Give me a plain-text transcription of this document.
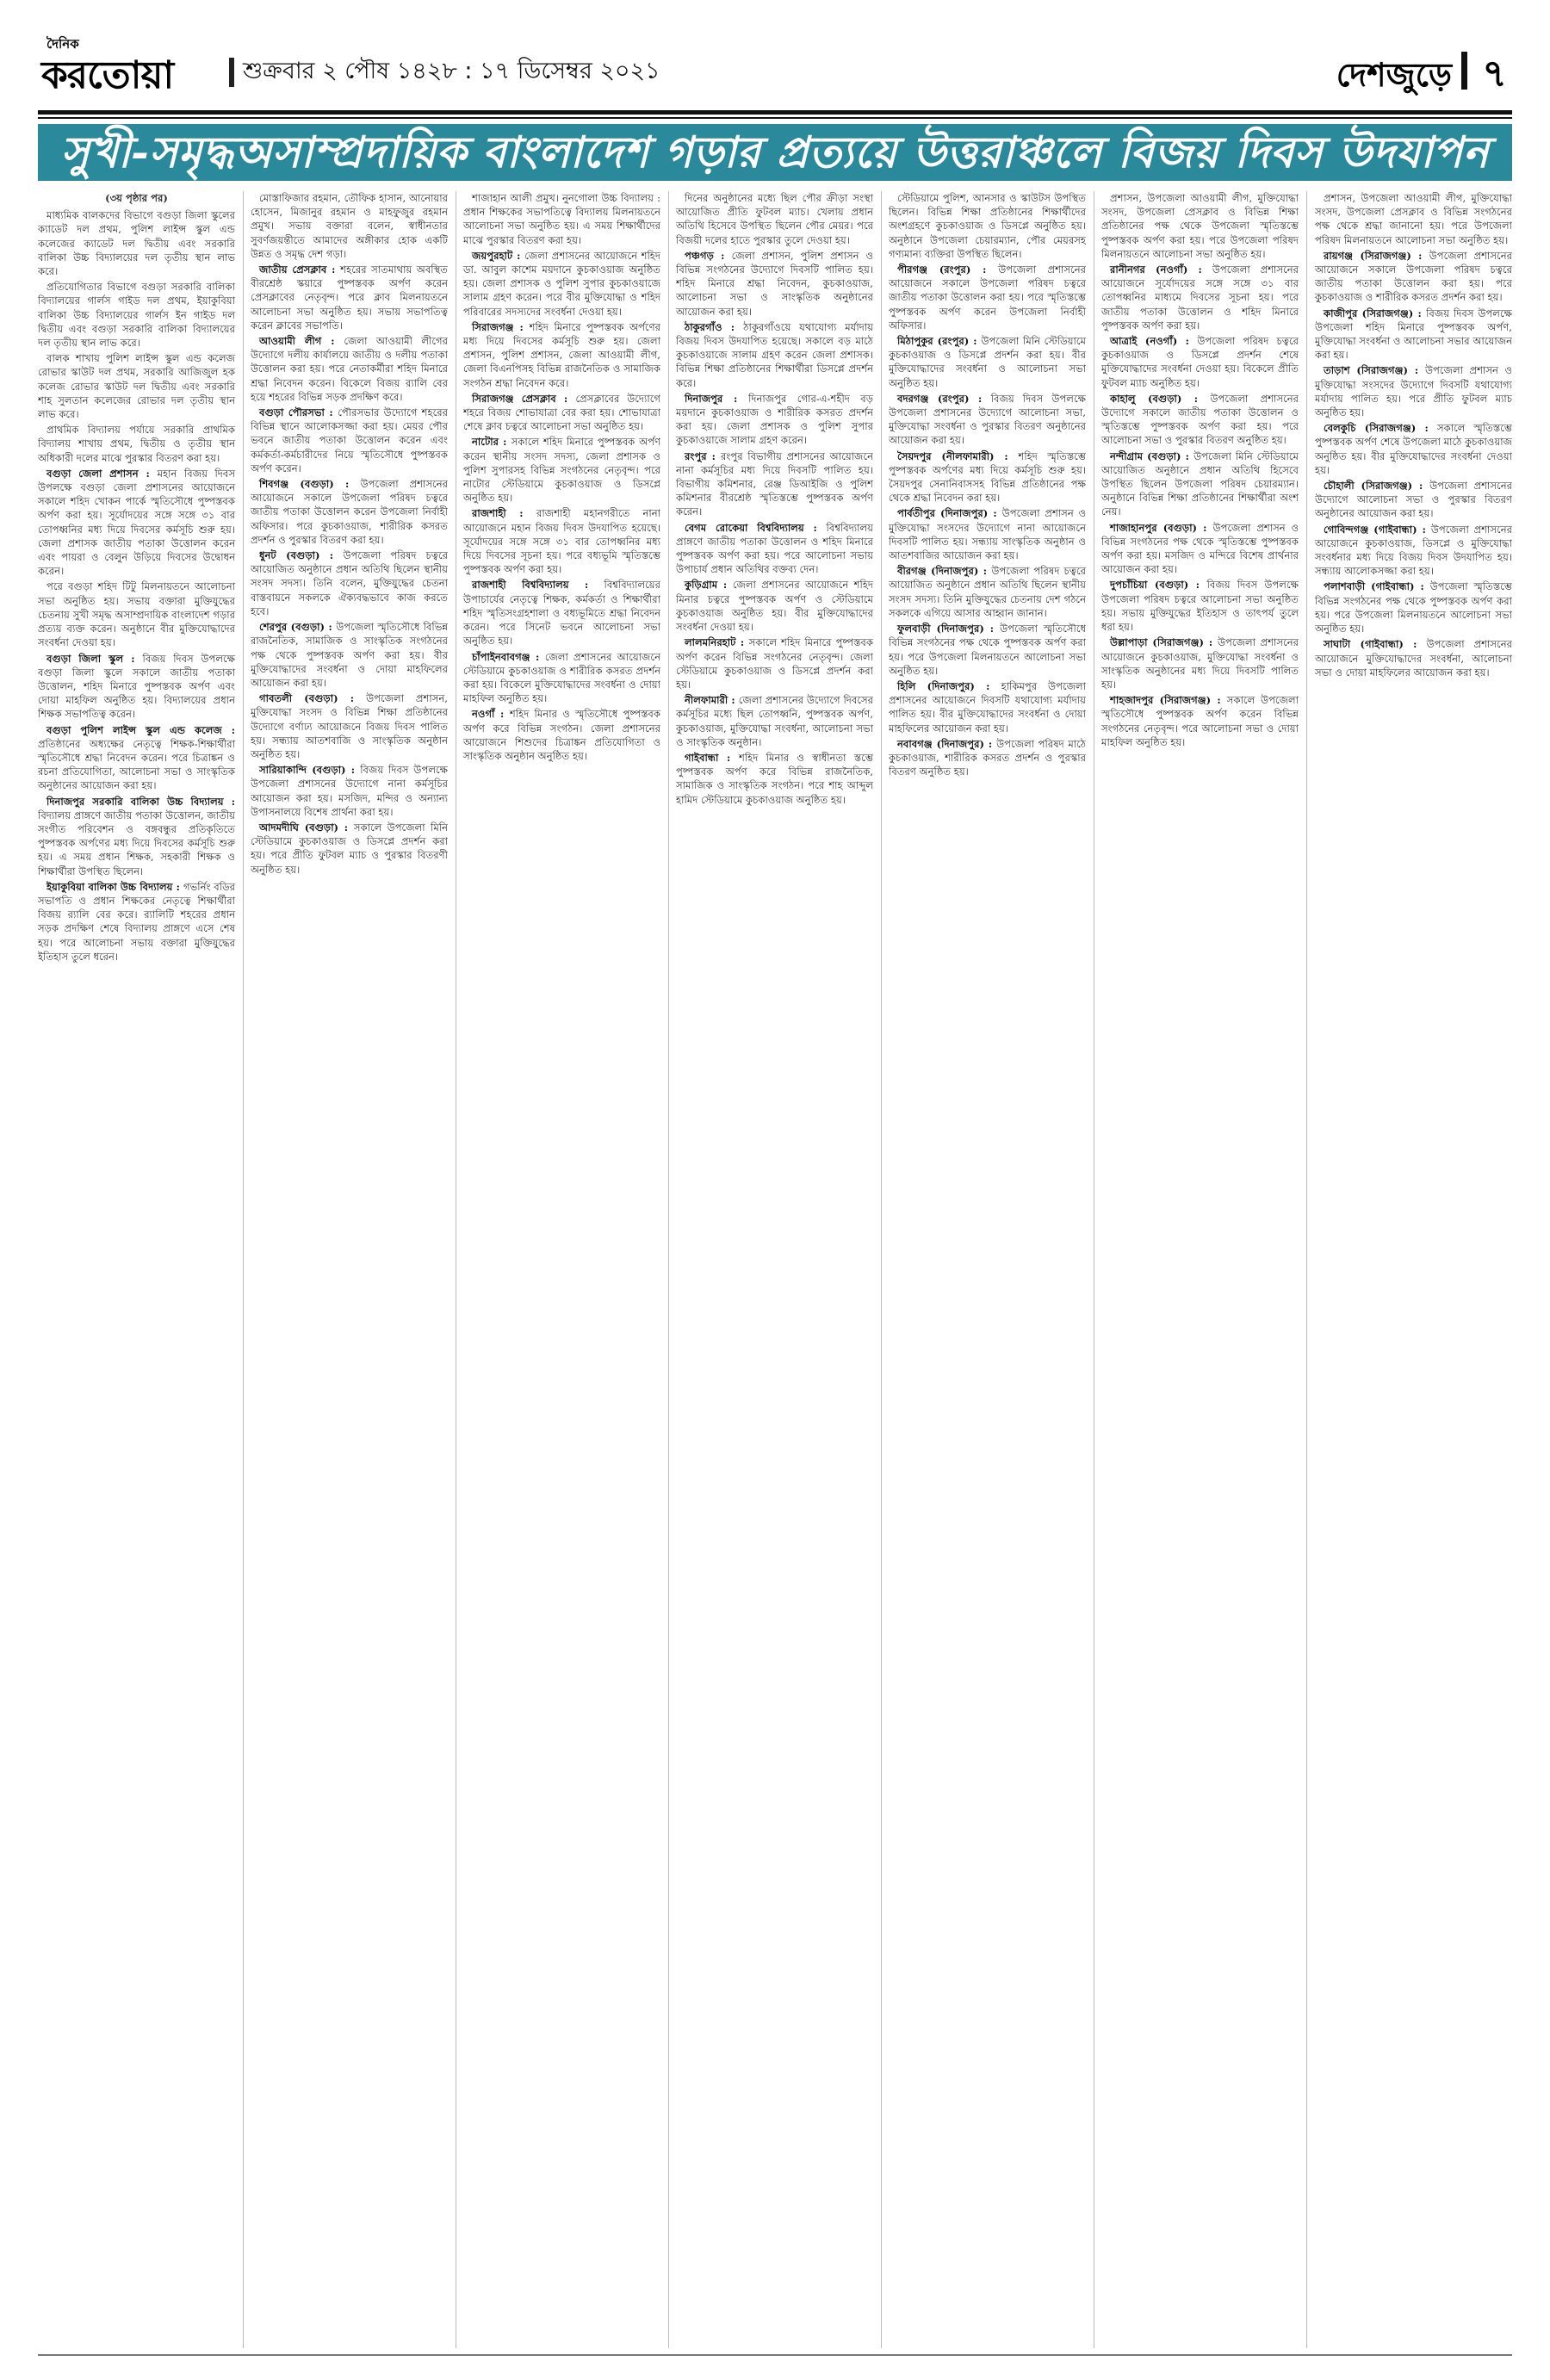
দৈনিক
করতোয়া	শুক্রবার ২ পৌষ ১৪২৮ : ১৭ ডিসেম্বর ২০২১	দেশজুড়ে ৭
সুখী-সমৃদ্ধঅসাম্প্রদায়িক বাংলাদেশ গড়ার প্রত্যয়ে উত্তরাঞ্চলে বিজয় দিবস উদযাপন

(৩য় পৃষ্ঠার পর)

মাধ্যমিক বালকদের বিভাগে বগুড়া জিলা স্কুলের ক্যাডেট দল প্রথম, পুলিশ লাইন্স স্কুল এন্ড কলেজের ক্যাডেট দল দ্বিতীয় এবং সরকারি বালিকা উচ্চ বিদ্যালয়ের দল তৃতীয় স্থান লাভ করে।

প্রতিযোগিতার বিভাগে বগুড়া সরকারি বালিকা বিদ্যালয়ের গার্লস গাইড দল প্রথম, ইয়াকুবিয়া বালিকা উচ্চ বিদ্যালয়ের গার্লস ইন গাইড দল দ্বিতীয় এবং বগুড়া সরকারি বালিকা বিদ্যালয়ের দল তৃতীয় স্থান লাভ করে।

বালক শাখায় পুলিশ লাইন্স স্কুল এন্ড কলেজ রোভার স্কাউট দল প্রথম, সরকারি আজিজুল হক কলেজ রোভার স্কাউট দল দ্বিতীয় এবং সরকারি শাহ সুলতান কলেজের রোভার দল তৃতীয় স্থান লাভ করে।

প্রাথমিক বিদ্যালয় পর্যায়ে সরকারি প্রাথমিক বিদ্যালয় শাখায় প্রথম, দ্বিতীয় ও তৃতীয় স্থান অধিকারী দলের মাঝে পুরস্কার বিতরণ করা হয়।

বগুড়া জেলা প্রশাসন : মহান বিজয় দিবস উপলক্ষে বগুড়া জেলা প্রশাসনের আয়োজনে সকালে শহিদ খোকন পার্কে স্মৃতিসৌধে পুষ্পস্তবক অর্পণ করা হয়। সূর্যোদয়ের সঙ্গে সঙ্গে ৩১ বার তোপধ্বনির মধ্য দিয়ে দিবসের কর্মসূচি শুরু হয়। জেলা প্রশাসক জাতীয় পতাকা উত্তোলন করেন এবং পায়রা ও বেলুন উড়িয়ে দিবসের উদ্বোধন করেন।

পরে বগুড়া শহিদ টিটু মিলনায়তনে আলোচনা সভা অনুষ্ঠিত হয়। সভায় বক্তারা মুক্তিযুদ্ধের চেতনায় সুখী সমৃদ্ধ অসাম্প্রদায়িক বাংলাদেশ গড়ার প্রত্যয় ব্যক্ত করেন। অনুষ্ঠানে বীর মুক্তিযোদ্ধাদের সংবর্ধনা দেওয়া হয়।

বগুড়া জিলা স্কুল : বিজয় দিবস উপলক্ষে বগুড়া জিলা স্কুলে সকালে জাতীয় পতাকা উত্তোলন, শহিদ মিনারে পুষ্পস্তবক অর্পণ এবং দোয়া মাহফিল অনুষ্ঠিত হয়। বিদ্যালয়ের প্রধান শিক্ষক সভাপতিত্ব করেন।

বগুড়া পুলিশ লাইন্স স্কুল এন্ড কলেজ : প্রতিষ্ঠানের অধ্যক্ষের নেতৃত্বে শিক্ষক-শিক্ষার্থীরা স্মৃতিসৌধে শ্রদ্ধা নিবেদন করেন। পরে চিত্রাঙ্কন ও রচনা প্রতিযোগিতা, আলোচনা সভা ও সাংস্কৃতিক অনুষ্ঠানের আয়োজন করা হয়।

দিনাজপুর সরকারি বালিকা উচ্চ বিদ্যালয় : বিদ্যালয় প্রাঙ্গণে জাতীয় পতাকা উত্তোলন, জাতীয় সংগীত পরিবেশন ও বঙ্গবন্ধুর প্রতিকৃতিতে পুষ্পস্তবক অর্পণের মধ্য দিয়ে দিবসের কর্মসূচি শুরু হয়। এ সময় প্রধান শিক্ষক, সহকারী শিক্ষক ও শিক্ষার্থীরা উপস্থিত ছিলেন।

ইয়াকুবিয়া বালিকা উচ্চ বিদ্যালয় : গভর্নিং বডির সভাপতি ও প্রধান শিক্ষকের নেতৃত্বে শিক্ষার্থীরা বিজয় র‍্যালি বের করে। র‍্যালিটি শহরের প্রধান সড়ক প্রদক্ষিণ শেষে বিদ্যালয় প্রাঙ্গণে এসে শেষ হয়। পরে আলোচনা সভায় বক্তারা মুক্তিযুদ্ধের ইতিহাস তুলে ধরেন।

মোস্তাফিজার রহমান, তৌফিক হাসান, আনোয়ার হোসেন, মিজানুর রহমান ও মাহফুজুর রহমান প্রমুখ। সভায় বক্তারা বলেন, স্বাধীনতার সুবর্ণজয়ন্তীতে আমাদের অঙ্গীকার হোক একটি উন্নত ও সমৃদ্ধ দেশ গড়া।

জাতীয় প্রেসক্লাব : শহরের সাতমাথায় অবস্থিত বীরশ্রেষ্ঠ স্কয়ারে পুষ্পস্তবক অর্পণ করেন প্রেসক্লাবের নেতৃবৃন্দ। পরে ক্লাব মিলনায়তনে আলোচনা সভা অনুষ্ঠিত হয়। সভায় সভাপতিত্ব করেন ক্লাবের সভাপতি।

আওয়ামী লীগ : জেলা আওয়ামী লীগের উদ্যোগে দলীয় কার্যালয়ে জাতীয় ও দলীয় পতাকা উত্তোলন করা হয়। পরে নেতাকর্মীরা শহিদ মিনারে শ্রদ্ধা নিবেদন করেন। বিকেলে বিজয় র‍্যালি বের হয়ে শহরের বিভিন্ন সড়ক প্রদক্ষিণ করে।

বগুড়া পৌরসভা : পৌরসভার উদ্যোগে শহরের বিভিন্ন স্থানে আলোকসজ্জা করা হয়। মেয়র পৌর ভবনে জাতীয় পতাকা উত্তোলন করেন এবং কর্মকর্তা-কর্মচারীদের নিয়ে স্মৃতিসৌধে পুষ্পস্তবক অর্পণ করেন।

শিবগঞ্জ (বগুড়া) : উপজেলা প্রশাসনের আয়োজনে সকালে উপজেলা পরিষদ চত্বরে জাতীয় পতাকা উত্তোলন করেন উপজেলা নির্বাহী অফিসার। পরে কুচকাওয়াজ, শারীরিক কসরত প্রদর্শন ও পুরস্কার বিতরণ করা হয়।

ধুনট (বগুড়া) : উপজেলা পরিষদ চত্বরে আয়োজিত অনুষ্ঠানে প্রধান অতিথি ছিলেন স্থানীয় সংসদ সদস্য। তিনি বলেন, মুক্তিযুদ্ধের চেতনা বাস্তবায়নে সকলকে ঐক্যবদ্ধভাবে কাজ করতে হবে।

শেরপুর (বগুড়া) : উপজেলা স্মৃতিসৌধে বিভিন্ন রাজনৈতিক, সামাজিক ও সাংস্কৃতিক সংগঠনের পক্ষ থেকে পুষ্পস্তবক অর্পণ করা হয়। বীর মুক্তিযোদ্ধাদের সংবর্ধনা ও দোয়া মাহফিলের আয়োজন করা হয়।

গাবতলী (বগুড়া) : উপজেলা প্রশাসন, মুক্তিযোদ্ধা সংসদ ও বিভিন্ন শিক্ষা প্রতিষ্ঠানের উদ্যোগে বর্ণাঢ্য আয়োজনে বিজয় দিবস পালিত হয়। সন্ধ্যায় আতশবাজি ও সাংস্কৃতিক অনুষ্ঠান অনুষ্ঠিত হয়।

সারিয়াকান্দি (বগুড়া) : বিজয় দিবস উপলক্ষে উপজেলা প্রশাসনের উদ্যোগে নানা কর্মসূচির আয়োজন করা হয়। মসজিদ, মন্দির ও অন্যান্য উপাসনালয়ে বিশেষ প্রার্থনা করা হয়।

আদমদীঘি (বগুড়া) : সকালে উপজেলা মিনি স্টেডিয়ামে কুচকাওয়াজ ও ডিসপ্লে প্রদর্শন করা হয়। পরে প্রীতি ফুটবল ম্যাচ ও পুরস্কার বিতরণী অনুষ্ঠিত হয়।

শাজাহান আলী প্রমুখ। নুনগোলা উচ্চ বিদ্যালয় : প্রধান শিক্ষকের সভাপতিত্বে বিদ্যালয় মিলনায়তনে আলোচনা সভা অনুষ্ঠিত হয়। এ সময় শিক্ষার্থীদের মাঝে পুরস্কার বিতরণ করা হয়।

জয়পুরহাট : জেলা প্রশাসনের আয়োজনে শহিদ ডা. আবুল কাশেম ময়দানে কুচকাওয়াজ অনুষ্ঠিত হয়। জেলা প্রশাসক ও পুলিশ সুপার কুচকাওয়াজে সালাম গ্রহণ করেন। পরে বীর মুক্তিযোদ্ধা ও শহিদ পরিবারের সদস্যদের সংবর্ধনা দেওয়া হয়।

সিরাজগঞ্জ : শহিদ মিনারে পুষ্পস্তবক অর্পণের মধ্য দিয়ে দিবসের কর্মসূচি শুরু হয়। জেলা প্রশাসন, পুলিশ প্রশাসন, জেলা আওয়ামী লীগ, জেলা বিএনপিসহ বিভিন্ন রাজনৈতিক ও সামাজিক সংগঠন শ্রদ্ধা নিবেদন করে।

সিরাজগঞ্জ প্রেসক্লাব : প্রেসক্লাবের উদ্যোগে শহরে বিজয় শোভাযাত্রা বের করা হয়। শোভাযাত্রা শেষে ক্লাব চত্বরে আলোচনা সভা অনুষ্ঠিত হয়।

নাটোর : সকালে শহিদ মিনারে পুষ্পস্তবক অর্পণ করেন স্থানীয় সংসদ সদস্য, জেলা প্রশাসক ও পুলিশ সুপারসহ বিভিন্ন সংগঠনের নেতৃবৃন্দ। পরে নাটোর স্টেডিয়ামে কুচকাওয়াজ ও ডিসপ্লে অনুষ্ঠিত হয়।

রাজশাহী : রাজশাহী মহানগরীতে নানা আয়োজনে মহান বিজয় দিবস উদযাপিত হয়েছে। সূর্যোদয়ের সঙ্গে সঙ্গে ৩১ বার তোপধ্বনির মধ্য দিয়ে দিবসের সূচনা হয়। পরে বধ্যভূমি স্মৃতিস্তম্ভে পুষ্পস্তবক অর্পণ করা হয়।

রাজশাহী বিশ্ববিদ্যালয় : বিশ্ববিদ্যালয়ের উপাচার্যের নেতৃত্বে শিক্ষক, কর্মকর্তা ও শিক্ষার্থীরা শহিদ স্মৃতিসংগ্রহশালা ও বধ্যভূমিতে শ্রদ্ধা নিবেদন করেন। পরে সিনেট ভবনে আলোচনা সভা অনুষ্ঠিত হয়।

চাঁপাইনবাবগঞ্জ : জেলা প্রশাসনের আয়োজনে স্টেডিয়ামে কুচকাওয়াজ ও শারীরিক কসরত প্রদর্শন করা হয়। বিকেলে মুক্তিযোদ্ধাদের সংবর্ধনা ও দোয়া মাহফিল অনুষ্ঠিত হয়।

নওগাঁ : শহিদ মিনার ও স্মৃতিসৌধে পুষ্পস্তবক অর্পণ করে বিভিন্ন সংগঠন। জেলা প্রশাসনের আয়োজনে শিশুদের চিত্রাঙ্কন প্রতিযোগিতা ও সাংস্কৃতিক অনুষ্ঠান অনুষ্ঠিত হয়।

দিনের অনুষ্ঠানের মধ্যে ছিল পৌর ক্রীড়া সংস্থা আয়োজিত প্রীতি ফুটবল ম্যাচ। খেলায় প্রধান অতিথি হিসেবে উপস্থিত ছিলেন পৌর মেয়র। পরে বিজয়ী দলের হাতে পুরস্কার তুলে দেওয়া হয়।

পঞ্চগড় : জেলা প্রশাসন, পুলিশ প্রশাসন ও বিভিন্ন সংগঠনের উদ্যোগে দিবসটি পালিত হয়। শহিদ মিনারে শ্রদ্ধা নিবেদন, কুচকাওয়াজ, আলোচনা সভা ও সাংস্কৃতিক অনুষ্ঠানের আয়োজন করা হয়।

ঠাকুরগাঁও : ঠাকুরগাঁওয়ে যথাযোগ্য মর্যাদায় বিজয় দিবস উদযাপিত হয়েছে। সকালে বড় মাঠে কুচকাওয়াজে সালাম গ্রহণ করেন জেলা প্রশাসক। বিভিন্ন শিক্ষা প্রতিষ্ঠানের শিক্ষার্থীরা ডিসপ্লে প্রদর্শন করে।

দিনাজপুর : দিনাজপুর গোর-এ-শহীদ বড় ময়দানে কুচকাওয়াজ ও শারীরিক কসরত প্রদর্শন করা হয়। জেলা প্রশাসক ও পুলিশ সুপার কুচকাওয়াজে সালাম গ্রহণ করেন।

রংপুর : রংপুর বিভাগীয় প্রশাসনের আয়োজনে নানা কর্মসূচির মধ্য দিয়ে দিবসটি পালিত হয়। বিভাগীয় কমিশনার, রেঞ্জ ডিআইজি ও পুলিশ কমিশনার বীরশ্রেষ্ঠ স্মৃতিস্তম্ভে পুষ্পস্তবক অর্পণ করেন।

বেগম রোকেয়া বিশ্ববিদ্যালয় : বিশ্ববিদ্যালয় প্রাঙ্গণে জাতীয় পতাকা উত্তোলন ও শহিদ মিনারে পুষ্পস্তবক অর্পণ করা হয়। পরে আলোচনা সভায় উপাচার্য প্রধান অতিথির বক্তব্য দেন।

কুড়িগ্রাম : জেলা প্রশাসনের আয়োজনে শহিদ মিনার চত্বরে পুষ্পস্তবক অর্পণ ও স্টেডিয়ামে কুচকাওয়াজ অনুষ্ঠিত হয়। বীর মুক্তিযোদ্ধাদের সংবর্ধনা দেওয়া হয়।

লালমনিরহাট : সকালে শহিদ মিনারে পুষ্পস্তবক অর্পণ করেন বিভিন্ন সংগঠনের নেতৃবৃন্দ। জেলা স্টেডিয়ামে কুচকাওয়াজ ও ডিসপ্লে প্রদর্শন করা হয়।

নীলফামারী : জেলা প্রশাসনের উদ্যোগে দিবসের কর্মসূচির মধ্যে ছিল তোপধ্বনি, পুষ্পস্তবক অর্পণ, কুচকাওয়াজ, মুক্তিযোদ্ধা সংবর্ধনা, আলোচনা সভা ও সাংস্কৃতিক অনুষ্ঠান।

গাইবান্ধা : শহিদ মিনার ও স্বাধীনতা স্তম্ভে পুষ্পস্তবক অর্পণ করে বিভিন্ন রাজনৈতিক, সামাজিক ও সাংস্কৃতিক সংগঠন। পরে শাহ আব্দুল হামিদ স্টেডিয়ামে কুচকাওয়াজ অনুষ্ঠিত হয়।

স্টেডিয়ামে পুলিশ, আনসার ও স্কাউটস উপস্থিত ছিলেন। বিভিন্ন শিক্ষা প্রতিষ্ঠানের শিক্ষার্থীদের অংশগ্রহণে কুচকাওয়াজ ও ডিসপ্লে অনুষ্ঠিত হয়। অনুষ্ঠানে উপজেলা চেয়ারম্যান, পৌর মেয়রসহ গণ্যমান্য ব্যক্তিরা উপস্থিত ছিলেন।

পীরগঞ্জ (রংপুর) : উপজেলা প্রশাসনের আয়োজনে সকালে উপজেলা পরিষদ চত্বরে জাতীয় পতাকা উত্তোলন করা হয়। পরে স্মৃতিস্তম্ভে পুষ্পস্তবক অর্পণ করেন উপজেলা নির্বাহী অফিসার।

মিঠাপুকুর (রংপুর) : উপজেলা মিনি স্টেডিয়ামে কুচকাওয়াজ ও ডিসপ্লে প্রদর্শন করা হয়। বীর মুক্তিযোদ্ধাদের সংবর্ধনা ও আলোচনা সভা অনুষ্ঠিত হয়।

বদরগঞ্জ (রংপুর) : বিজয় দিবস উপলক্ষে উপজেলা প্রশাসনের উদ্যোগে আলোচনা সভা, মুক্তিযোদ্ধা সংবর্ধনা ও পুরস্কার বিতরণ অনুষ্ঠানের আয়োজন করা হয়।

সৈয়দপুর (নীলফামারী) : শহিদ স্মৃতিস্তম্ভে পুষ্পস্তবক অর্পণের মধ্য দিয়ে কর্মসূচি শুরু হয়। সৈয়দপুর সেনানিবাসসহ বিভিন্ন প্রতিষ্ঠানের পক্ষ থেকে শ্রদ্ধা নিবেদন করা হয়।

পার্বতীপুর (দিনাজপুর) : উপজেলা প্রশাসন ও মুক্তিযোদ্ধা সংসদের উদ্যোগে নানা আয়োজনে দিবসটি পালিত হয়। সন্ধ্যায় সাংস্কৃতিক অনুষ্ঠান ও আতশবাজির আয়োজন করা হয়।

বীরগঞ্জ (দিনাজপুর) : উপজেলা পরিষদ চত্বরে আয়োজিত অনুষ্ঠানে প্রধান অতিথি ছিলেন স্থানীয় সংসদ সদস্য। তিনি মুক্তিযুদ্ধের চেতনায় দেশ গঠনে সকলকে এগিয়ে আসার আহ্বান জানান।

ফুলবাড়ী (দিনাজপুর) : উপজেলা স্মৃতিসৌধে বিভিন্ন সংগঠনের পক্ষ থেকে পুষ্পস্তবক অর্পণ করা হয়। পরে উপজেলা মিলনায়তনে আলোচনা সভা অনুষ্ঠিত হয়।

হিলি (দিনাজপুর) : হাকিমপুর উপজেলা প্রশাসনের আয়োজনে দিবসটি যথাযোগ্য মর্যাদায় পালিত হয়। বীর মুক্তিযোদ্ধাদের সংবর্ধনা ও দোয়া মাহফিলের আয়োজন করা হয়।

নবাবগঞ্জ (দিনাজপুর) : উপজেলা পরিষদ মাঠে কুচকাওয়াজ, শারীরিক কসরত প্রদর্শন ও পুরস্কার বিতরণ অনুষ্ঠিত হয়।

প্রশাসন, উপজেলা আওয়ামী লীগ, মুক্তিযোদ্ধা সংসদ, উপজেলা প্রেসক্লাব ও বিভিন্ন শিক্ষা প্রতিষ্ঠানের পক্ষ থেকে উপজেলা স্মৃতিস্তম্ভে পুষ্পস্তবক অর্পণ করা হয়। পরে উপজেলা পরিষদ মিলনায়তনে আলোচনা সভা অনুষ্ঠিত হয়।

রানীনগর (নওগাঁ) : উপজেলা প্রশাসনের আয়োজনে সূর্যোদয়ের সঙ্গে সঙ্গে ৩১ বার তোপধ্বনির মাধ্যমে দিবসের সূচনা হয়। পরে জাতীয় পতাকা উত্তোলন ও শহিদ মিনারে পুষ্পস্তবক অর্পণ করা হয়।

আত্রাই (নওগাঁ) : উপজেলা পরিষদ চত্বরে কুচকাওয়াজ ও ডিসপ্লে প্রদর্শন শেষে মুক্তিযোদ্ধাদের সংবর্ধনা দেওয়া হয়। বিকেলে প্রীতি ফুটবল ম্যাচ অনুষ্ঠিত হয়।

কাহালু (বগুড়া) : উপজেলা প্রশাসনের উদ্যোগে সকালে জাতীয় পতাকা উত্তোলন ও স্মৃতিস্তম্ভে পুষ্পস্তবক অর্পণ করা হয়। পরে আলোচনা সভা ও পুরস্কার বিতরণ অনুষ্ঠিত হয়।

নন্দীগ্রাম (বগুড়া) : উপজেলা মিনি স্টেডিয়ামে আয়োজিত অনুষ্ঠানে প্রধান অতিথি হিসেবে উপস্থিত ছিলেন উপজেলা পরিষদ চেয়ারম্যান। অনুষ্ঠানে বিভিন্ন শিক্ষা প্রতিষ্ঠানের শিক্ষার্থীরা অংশ নেয়।

শাজাহানপুর (বগুড়া) : উপজেলা প্রশাসন ও বিভিন্ন সংগঠনের পক্ষ থেকে স্মৃতিস্তম্ভে পুষ্পস্তবক অর্পণ করা হয়। মসজিদ ও মন্দিরে বিশেষ প্রার্থনার আয়োজন করা হয়।

দুপচাঁচিয়া (বগুড়া) : বিজয় দিবস উপলক্ষে উপজেলা পরিষদ চত্বরে আলোচনা সভা অনুষ্ঠিত হয়। সভায় মুক্তিযুদ্ধের ইতিহাস ও তাৎপর্য তুলে ধরা হয়।

উল্লাপাড়া (সিরাজগঞ্জ) : উপজেলা প্রশাসনের আয়োজনে কুচকাওয়াজ, মুক্তিযোদ্ধা সংবর্ধনা ও সাংস্কৃতিক অনুষ্ঠানের মধ্য দিয়ে দিবসটি পালিত হয়।

শাহজাদপুর (সিরাজগঞ্জ) : সকালে উপজেলা স্মৃতিসৌধে পুষ্পস্তবক অর্পণ করেন বিভিন্ন সংগঠনের নেতৃবৃন্দ। পরে আলোচনা সভা ও দোয়া মাহফিল অনুষ্ঠিত হয়।

প্রশাসন, উপজেলা আওয়ামী লীগ, মুক্তিযোদ্ধা সংসদ, উপজেলা প্রেসক্লাব ও বিভিন্ন সংগঠনের পক্ষ থেকে শ্রদ্ধা জানানো হয়। পরে উপজেলা পরিষদ মিলনায়তনে আলোচনা সভা অনুষ্ঠিত হয়।

রায়গঞ্জ (সিরাজগঞ্জ) : উপজেলা প্রশাসনের আয়োজনে সকালে উপজেলা পরিষদ চত্বরে জাতীয় পতাকা উত্তোলন করা হয়। পরে কুচকাওয়াজ ও শারীরিক কসরত প্রদর্শন করা হয়।

কাজীপুর (সিরাজগঞ্জ) : বিজয় দিবস উপলক্ষে উপজেলা শহিদ মিনারে পুষ্পস্তবক অর্পণ, মুক্তিযোদ্ধা সংবর্ধনা ও আলোচনা সভার আয়োজন করা হয়।

তাড়াশ (সিরাজগঞ্জ) : উপজেলা প্রশাসন ও মুক্তিযোদ্ধা সংসদের উদ্যোগে দিবসটি যথাযোগ্য মর্যাদায় পালিত হয়। পরে প্রীতি ফুটবল ম্যাচ অনুষ্ঠিত হয়।

বেলকুচি (সিরাজগঞ্জ) : সকালে স্মৃতিস্তম্ভে পুষ্পস্তবক অর্পণ শেষে উপজেলা মাঠে কুচকাওয়াজ অনুষ্ঠিত হয়। বীর মুক্তিযোদ্ধাদের সংবর্ধনা দেওয়া হয়।

চৌহালী (সিরাজগঞ্জ) : উপজেলা প্রশাসনের উদ্যোগে আলোচনা সভা ও পুরস্কার বিতরণ অনুষ্ঠানের আয়োজন করা হয়।

গোবিন্দগঞ্জ (গাইবান্ধা) : উপজেলা প্রশাসনের আয়োজনে কুচকাওয়াজ, ডিসপ্লে ও মুক্তিযোদ্ধা সংবর্ধনার মধ্য দিয়ে বিজয় দিবস উদযাপিত হয়। সন্ধ্যায় আলোকসজ্জা করা হয়।

পলাশবাড়ী (গাইবান্ধা) : উপজেলা স্মৃতিস্তম্ভে বিভিন্ন সংগঠনের পক্ষ থেকে পুষ্পস্তবক অর্পণ করা হয়। পরে উপজেলা মিলনায়তনে আলোচনা সভা অনুষ্ঠিত হয়।

সাঘাটা (গাইবান্ধা) : উপজেলা প্রশাসনের আয়োজনে মুক্তিযোদ্ধাদের সংবর্ধনা, আলোচনা সভা ও দোয়া মাহফিলের আয়োজন করা হয়।
